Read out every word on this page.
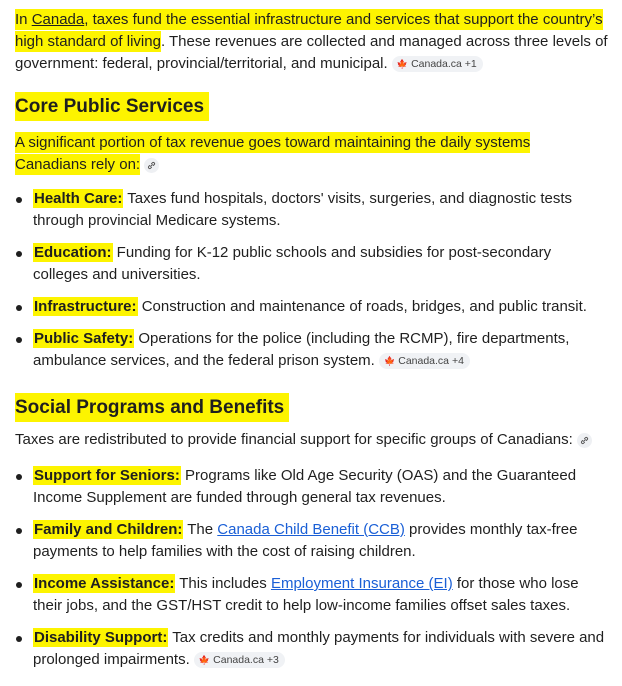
In Canada, taxes fund the essential infrastructure and services that support the country’s high standard of living. These revenues are collected and managed across three levels of government: federal, provincial/territorial, and municipal. 🍁 Canada.ca +1

Core Public Services

A significant portion of tax revenue goes toward maintaining the daily systems Canadians rely on:

Health Care: Taxes fund hospitals, doctors' visits, surgeries, and diagnostic tests through provincial Medicare systems.
Education: Funding for K-12 public schools and subsidies for post-secondary colleges and universities.
Infrastructure: Construction and maintenance of roads, bridges, and public transit.
Public Safety: Operations for the police (including the RCMP), fire departments, ambulance services, and the federal prison system. 🍁 Canada.ca +4
Social Programs and Benefits

Taxes are redistributed to provide financial support for specific groups of Canadians:

Support for Seniors: Programs like Old Age Security (OAS) and the Guaranteed Income Supplement are funded through general tax revenues.
Family and Children: The Canada Child Benefit (CCB) provides monthly tax-free payments to help families with the cost of raising children.
Income Assistance: This includes Employment Insurance (EI) for those who lose their jobs, and the GST/HST credit to help low-income families offset sales taxes.
Disability Support: Tax credits and monthly payments for individuals with severe and prolonged impairments. 🍁 Canada.ca +3
